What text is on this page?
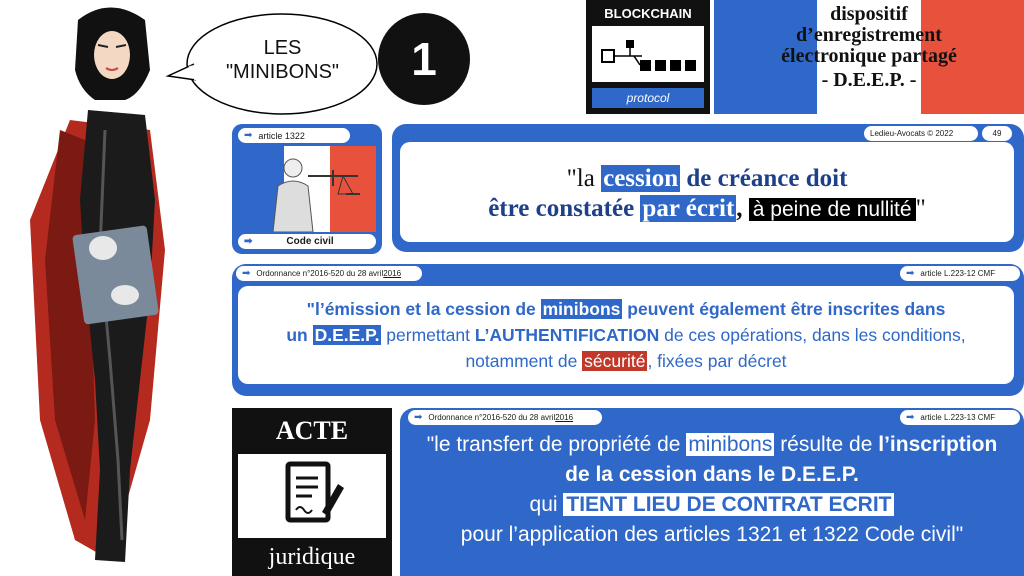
LES
"MINIBONS"	1
BLOCKCHAIN
protocol
dispositif
d’enregistrement
électronique partagé
- D.E.E.P. -
➡ article 1322
➡	Code civil
Ledieu-Avocats © 2022	49
"la cession de créance doit
être constatée par écrit, à peine de nullité "
➡ Ordonnance n°2016-520 du 28 avril 2016	➡ article L.223-12 CMF
"l’émission et la cession de minibons peuvent également être inscrites dans
un D.E.E.P. permettant L’AUTHENTIFICATION de ces opérations, dans les conditions,
notamment de sécurité , fixées par décret
ACTE
juridique
➡ Ordonnance n°2016-520 du 28 avril 2016	➡ article L.223-13 CMF
"le transfert de propriété de minibons résulte de l’inscription
de la cession dans le D.E.E.P.
qui TIENT LIEU DE CONTRAT ECRIT
pour l’application des articles 1321 et 1322 Code civil"
